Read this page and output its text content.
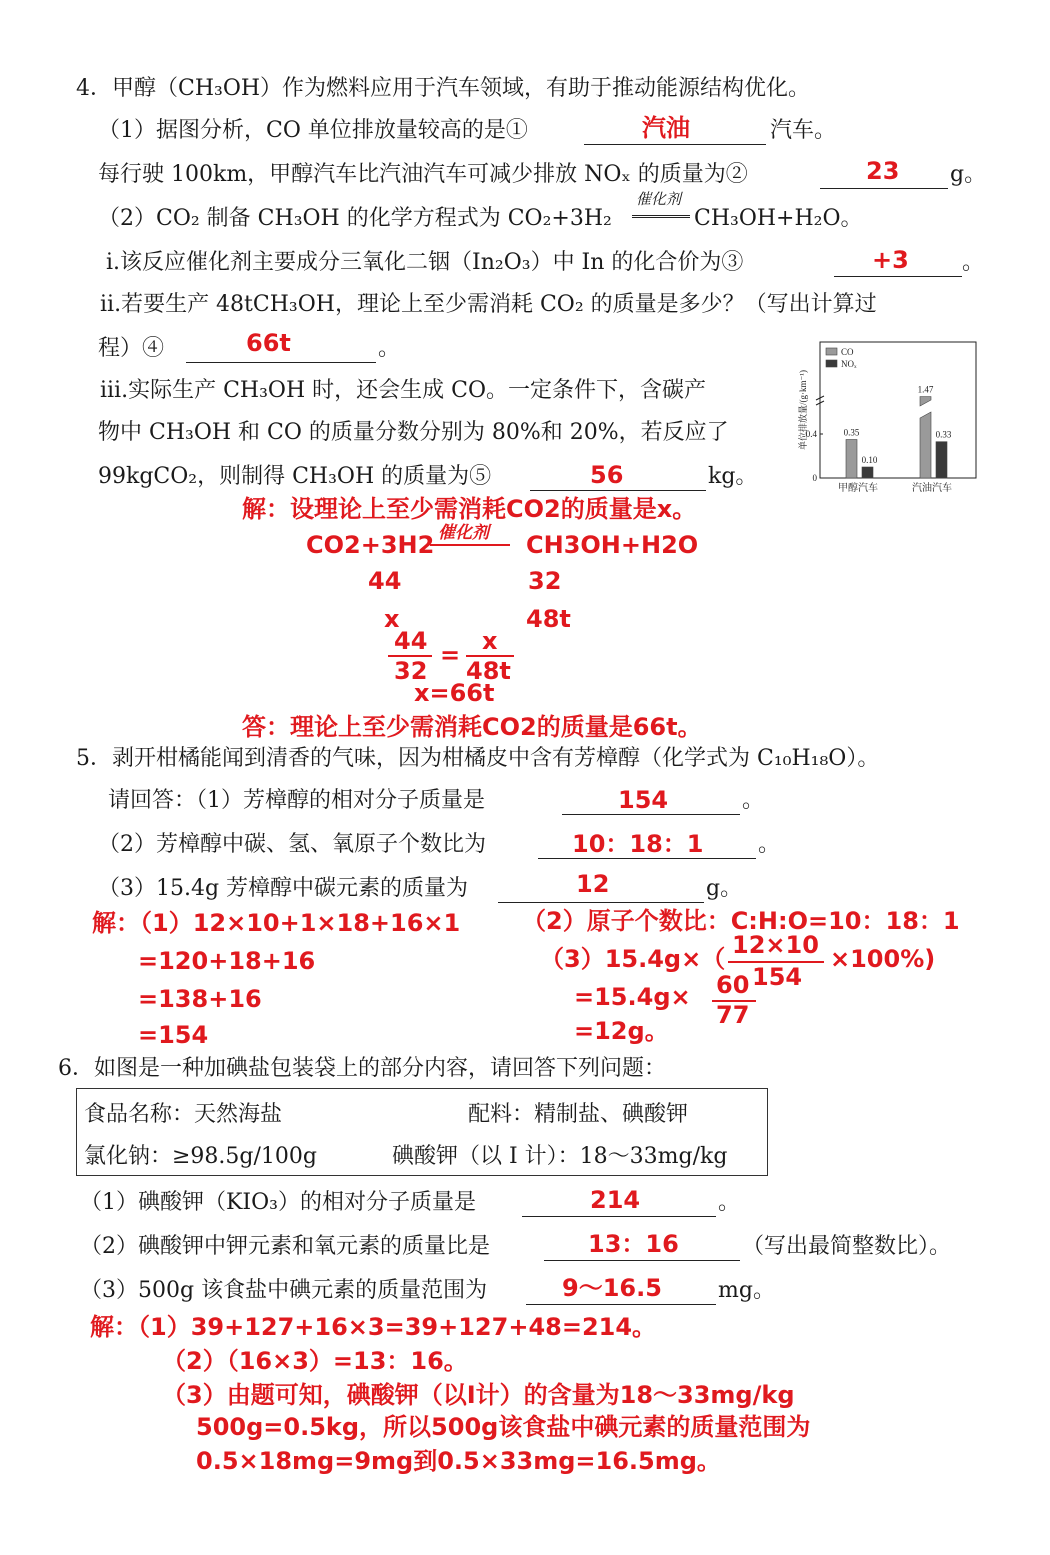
4．甲醇（CH₃OH）作为燃料应用于汽车领域，有助于推动能源结构优化。
（1）据图分析，CO 单位排放量较高的是①	汽油	汽车。
每行驶 100km，甲醇汽车比汽油汽车可减少排放 NOₓ 的质量为②	23 g。
（2）CO₂ 制备 CH₃OH 的化学方程式为 CO₂+3H₂
催化剂
CH₃OH+H₂O。
ⅰ.该反应催化剂主要成分三氧化二铟（In₂O₃）中 In 的化合价为③	+3 。
ⅱ.若要生产 48tCH₃OH，理论上至少需消耗 CO₂ 的质量是多少？（写出计算过
程）④	66t	。
ⅲ.实际生产 CH₃OH 时，还会生成 CO。一定条件下，含碳产
物中 CH₃OH 和 CO 的质量分数分别为 80%和 20%，若反应了
99kgCO₂，则制得 CH₃OH 的质量为⑤	56	kg。
单位排放量/(g·km⁻¹)
0
0.4	0.35
0.10
甲醇汽车
1.47
0.33
汽油汽车
CO
NOₓ
解：设理论上至少需消耗CO2的质量是x。
CO2+3H2 催化剂 CH3OH+H2O
44	32
x	48t
44
32
= x
48t
x=66t
答：理论上至少需消耗CO2的质量是66t。
5．剥开柑橘能闻到清香的气味，因为柑橘皮中含有芳樟醇（化学式为 C₁₀H₁₈O）。
请回答：（1）芳樟醇的相对分子质量是	154	。
（2）芳樟醇中碳、氢、氧原子个数比为	10：18：1 。
（3）15.4g 芳樟醇中碳元素的质量为	12	g。
解：（1）12×10+1×18+16×1
=120+18+16
=138+16
=154
（2）原子个数比：C:H:O=10：18：1
（3）15.4g×（ 12×10
154
×100%)
=15.4g× 60
77
=12g。
6．如图是一种加碘盐包装袋上的部分内容，请回答下列问题：
食品名称：天然海盐	配料：精制盐、碘酸钾
氯化钠：≥98.5g/100g	碘酸钾（以 I 计）：18～33mg/kg
（1）碘酸钾（KIO₃）的相对分子质量是	214	。
（2）碘酸钾中钾元素和氧元素的质量比是	13：16	（写出最简整数比）。
（3）500g 该食盐中碘元素的质量范围为	9～16.5	mg。
解：（1）39+127+16×3=39+127+48=214。
（2）（16×3）=13：16。
（3）由题可知，碘酸钾（以I计）的含量为18～33mg/kg
500g=0.5kg，所以500g该食盐中碘元素的质量范围为
0.5×18mg=9mg到0.5×33mg=16.5mg。
